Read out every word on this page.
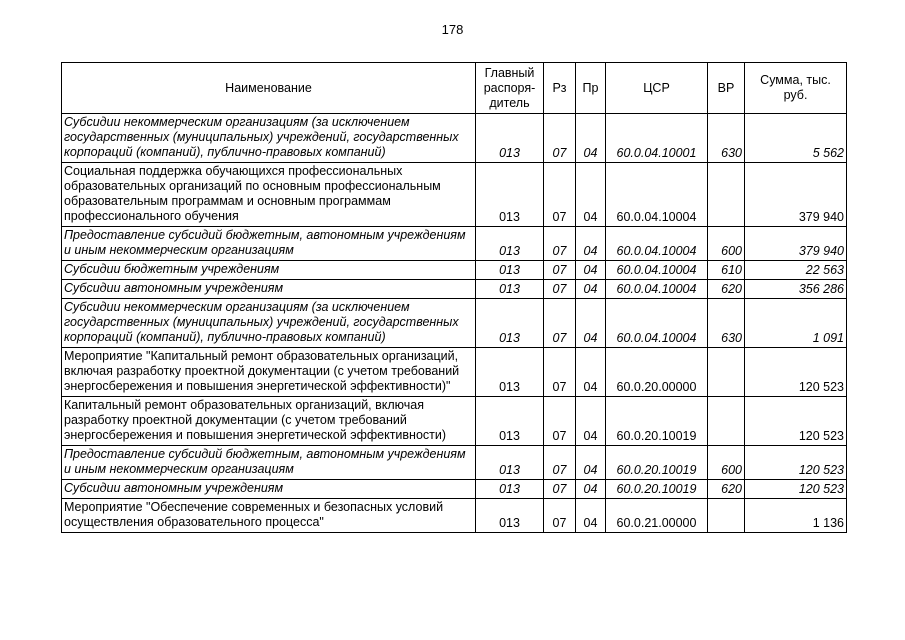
178
Наименование	Главный распоря-дитель	Рз	Пр	ЦСР	ВР	Сумма, тыс. руб.
Субсидии некоммерческим организациям (за исключением государственных (муниципальных) учреждений, государственных корпораций (компаний), публично-правовых компаний)	013	07	04	60.0.04.10001	630	5 562
Социальная поддержка обучающихся профессиональных образовательных организаций по основным профессиональным образовательным программам и основным программам профессионального обучения	013	07	04	60.0.04.10004		379 940
Предоставление субсидий бюджетным, автономным учреждениям и иным некоммерческим организациям	013	07	04	60.0.04.10004	600	379 940
Субсидии бюджетным учреждениям	013	07	04	60.0.04.10004	610	22 563
Субсидии автономным учреждениям	013	07	04	60.0.04.10004	620	356 286
Субсидии некоммерческим организациям (за исключением государственных (муниципальных) учреждений, государственных корпораций (компаний), публично-правовых компаний)	013	07	04	60.0.04.10004	630	1 091
Мероприятие "Капитальный ремонт образовательных организаций, включая разработку проектной документации (с учетом требований энергосбережения и повышения энергетической эффективности)"	013	07	04	60.0.20.00000		120 523
Капитальный ремонт образовательных организаций, включая разработку проектной документации (с учетом требований энергосбережения и повышения энергетической эффективности)	013	07	04	60.0.20.10019		120 523
Предоставление субсидий бюджетным, автономным учреждениям и иным некоммерческим организациям	013	07	04	60.0.20.10019	600	120 523
Субсидии автономным учреждениям	013	07	04	60.0.20.10019	620	120 523
Мероприятие "Обеспечение современных и безопасных условий осуществления образовательного процесса"	013	07	04	60.0.21.00000		1 136
